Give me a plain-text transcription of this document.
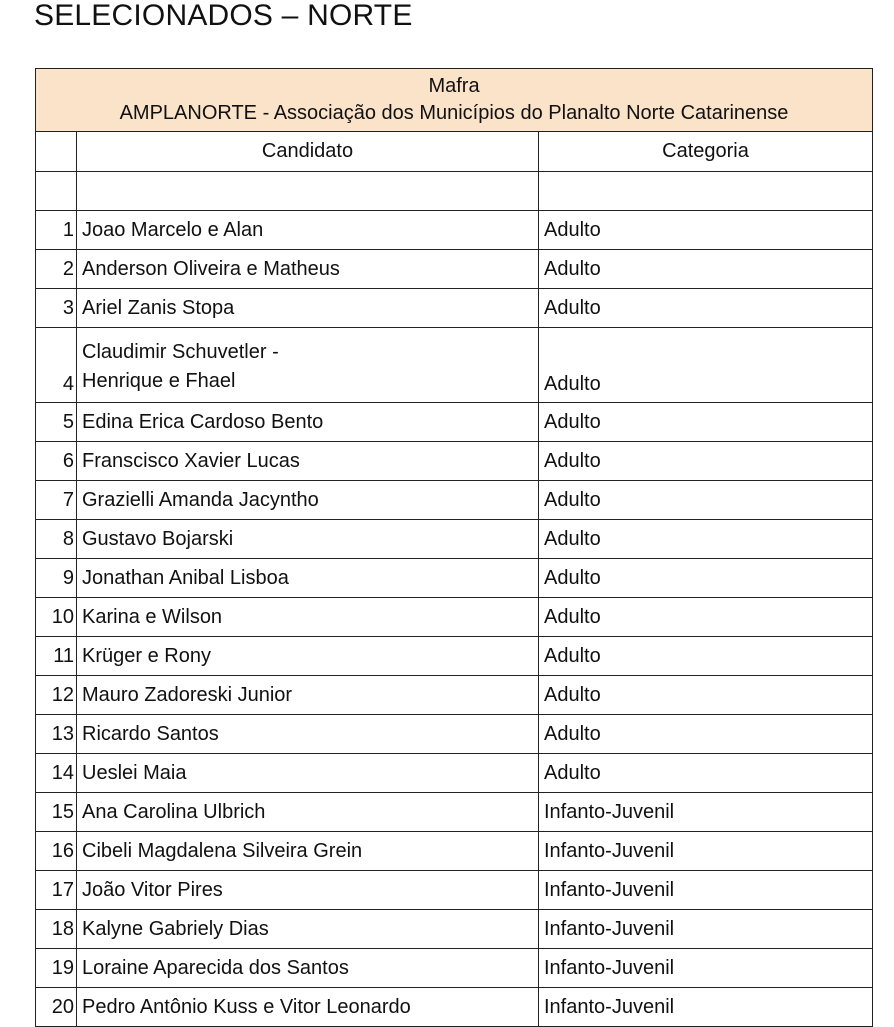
SELECIONADOS – NORTE
Mafra
AMPLANORTE - Associação dos Municípios do Planalto Norte Catarinense		

	Candidato	Categoria

1	Joao Marcelo e Alan	Adulto
2	Anderson Oliveira e Matheus	Adulto
3	Ariel Zanis Stopa	Adulto
4	Claudimir Schuvetler - Henrique e Fhael	Adulto
5	Edina Erica Cardoso Bento	Adulto
6	Franscisco Xavier Lucas	Adulto
7	Grazielli Amanda Jacyntho	Adulto
8	Gustavo Bojarski	Adulto
9	Jonathan Anibal Lisboa	Adulto
10	Karina e Wilson	Adulto
11	Krüger e Rony	Adulto
12	Mauro Zadoreski Junior	Adulto
13	Ricardo Santos	Adulto
14	Ueslei Maia	Adulto
15	Ana Carolina Ulbrich	Infanto-Juvenil
16	Cibeli Magdalena Silveira Grein	Infanto-Juvenil
17	João Vitor Pires	Infanto-Juvenil
18	Kalyne Gabriely Dias	Infanto-Juvenil
19	Loraine Aparecida dos Santos	Infanto-Juvenil
20	Pedro Antônio Kuss e Vitor Leonardo	Infanto-Juvenil
